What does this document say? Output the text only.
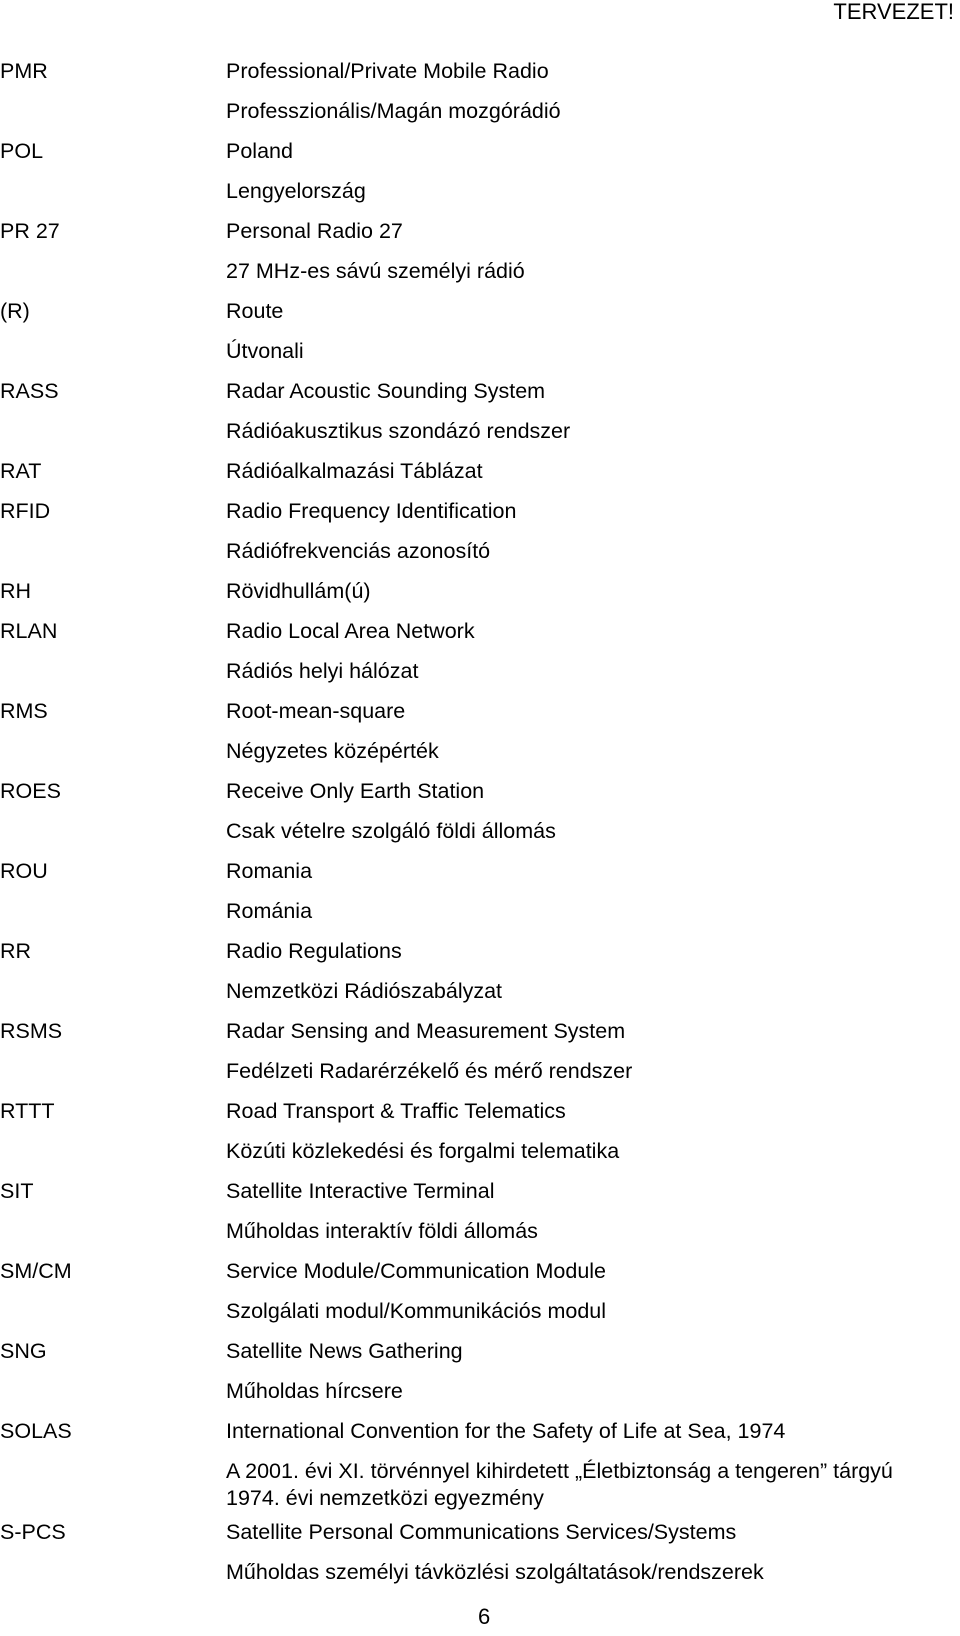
TERVEZET!
PMR	Professional/Private Mobile Radio
Professzionális/Magán mozgórádió
POL	Poland
Lengyelország
PR 27	Personal Radio 27
27 MHz-es sávú személyi rádió
(R)	Route
Útvonali
RASS	Radar Acoustic Sounding System
Rádióakusztikus szondázó rendszer
RAT	Rádióalkalmazási Táblázat
RFID	Radio Frequency Identification
Rádiófrekvenciás azonosító
RH	Rövidhullám(ú)
RLAN	Radio Local Area Network
Rádiós helyi hálózat
RMS	Root-mean-square
Négyzetes középérték
ROES	Receive Only Earth Station
Csak vételre szolgáló földi állomás
ROU	Romania
Románia
RR	Radio Regulations
Nemzetközi Rádiószabályzat
RSMS	Radar Sensing and Measurement System
Fedélzeti Radarérzékelő és mérő rendszer
RTTT	Road Transport & Traffic Telematics
Közúti közlekedési és forgalmi telematika
SIT	Satellite Interactive Terminal
Műholdas interaktív földi állomás
SM/CM	Service Module/Communication Module
Szolgálati modul/Kommunikációs modul
SNG	Satellite News Gathering
Műholdas hírcsere
SOLAS	International Convention for the Safety of Life at Sea, 1974
A 2001. évi XI. törvénnyel kihirdetett „Életbiztonság a tengeren” tárgyú
1974. évi nemzetközi egyezmény
S-PCS	Satellite Personal Communications Services/Systems
Műholdas személyi távközlési szolgáltatások/rendszerek
6
